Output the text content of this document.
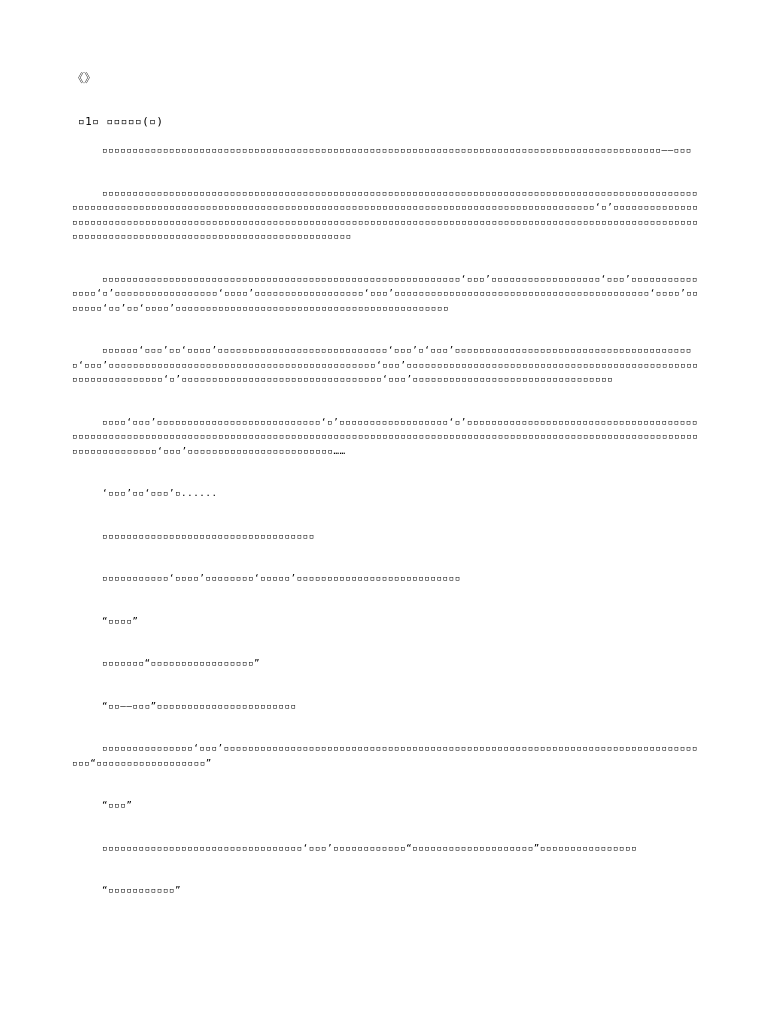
《》
▫1▫ ▫▫▫▫▫(▫)

▫▫▫▫▫▫▫▫▫▫▫▫▫▫▫▫▫▫▫▫▫▫▫▫▫▫▫▫▫▫▫▫▫▫▫▫▫▫▫▫▫▫▫▫▫▫▫▫▫▫▫▫▫▫▫▫▫▫▫▫▫▫▫▫▫▫▫▫▫▫▫▫▫▫▫▫▫▫▫▫▫▫▫▫▫▫▫▫▫▫▫▫——▫▫▫

▫▫▫▫▫▫▫▫▫▫▫▫▫▫▫▫▫▫▫▫▫▫▫▫▫▫▫▫▫▫▫▫▫▫▫▫▫▫▫▫▫▫▫▫▫▫▫▫▫▫▫▫▫▫▫▫▫▫▫▫▫▫▫▫▫▫▫▫▫▫▫▫▫▫▫▫▫▫▫▫▫▫▫▫▫▫▫▫▫▫▫▫▫▫▫▫▫▫▫▫▫▫▫▫▫▫▫▫▫▫▫▫▫▫▫▫▫▫▫▫▫▫▫▫▫▫▫▫▫▫▫▫▫▫▫▫▫▫▫▫▫▫▫▫▫▫▫▫▫▫▫▫▫▫▫▫▫▫▫▫▫▫▫▫▫▫▫▫▫▫▫▫▫▫▫▫▫▫▫▫▫▫▫▫‘▫’▫▫▫▫▫▫▫▫▫▫▫▫▫▫▫▫▫▫▫▫▫▫▫▫▫▫▫▫▫▫▫▫▫▫▫▫▫▫▫▫▫▫▫▫▫▫▫▫▫▫▫▫▫▫▫▫▫▫▫▫▫▫▫▫▫▫▫▫▫▫▫▫▫▫▫▫▫▫▫▫▫▫▫▫▫▫▫▫▫▫▫▫▫▫▫▫▫▫▫▫▫▫▫▫▫▫▫▫▫▫▫▫▫▫▫▫▫▫▫▫▫▫▫▫▫▫▫▫▫▫▫▫▫▫▫▫▫▫▫▫▫▫▫▫▫▫▫▫▫▫▫▫▫▫▫▫▫▫▫▫▫▫▫

▫▫▫▫▫▫▫▫▫▫▫▫▫▫▫▫▫▫▫▫▫▫▫▫▫▫▫▫▫▫▫▫▫▫▫▫▫▫▫▫▫▫▫▫▫▫▫▫▫▫▫▫▫▫▫▫▫▫▫‘▫▫▫’▫▫▫▫▫▫▫▫▫▫▫▫▫▫▫▫▫▫‘▫▫▫’▫▫▫▫▫▫▫▫▫▫▫▫▫▫▫‘▫’▫▫▫▫▫▫▫▫▫▫▫▫▫▫▫▫▫‘▫▫▫▫’▫▫▫▫▫▫▫▫▫▫▫▫▫▫▫▫▫▫‘▫▫▫’▫▫▫▫▫▫▫▫▫▫▫▫▫▫▫▫▫▫▫▫▫▫▫▫▫▫▫▫▫▫▫▫▫▫▫▫▫▫▫▫▫▫‘▫▫▫▫’▫▫▫▫▫▫▫‘▫▫’▫▫‘▫▫▫▫’▫▫▫▫▫▫▫▫▫▫▫▫▫▫▫▫▫▫▫▫▫▫▫▫▫▫▫▫▫▫▫▫▫▫▫▫▫▫▫▫▫▫▫▫▫

▫▫▫▫▫▫‘▫▫▫’▫▫‘▫▫▫▫’▫▫▫▫▫▫▫▫▫▫▫▫▫▫▫▫▫▫▫▫▫▫▫▫▫▫▫▫‘▫▫▫’▫‘▫▫▫’▫▫▫▫▫▫▫▫▫▫▫▫▫▫▫▫▫▫▫▫▫▫▫▫▫▫▫▫▫▫▫▫▫▫▫▫▫▫▫▫‘▫▫▫’▫▫▫▫▫▫▫▫▫▫▫▫▫▫▫▫▫▫▫▫▫▫▫▫▫▫▫▫▫▫▫▫▫▫▫▫▫▫▫▫▫▫▫▫‘▫▫▫’▫▫▫▫▫▫▫▫▫▫▫▫▫▫▫▫▫▫▫▫▫▫▫▫▫▫▫▫▫▫▫▫▫▫▫▫▫▫▫▫▫▫▫▫▫▫▫▫▫▫▫▫▫▫▫▫▫▫▫▫▫▫▫‘▫’▫▫▫▫▫▫▫▫▫▫▫▫▫▫▫▫▫▫▫▫▫▫▫▫▫▫▫▫▫▫▫▫▫‘▫▫▫’▫▫▫▫▫▫▫▫▫▫▫▫▫▫▫▫▫▫▫▫▫▫▫▫▫▫▫▫▫▫▫▫▫

▫▫▫▫‘▫▫▫’▫▫▫▫▫▫▫▫▫▫▫▫▫▫▫▫▫▫▫▫▫▫▫▫▫▫▫‘▫’▫▫▫▫▫▫▫▫▫▫▫▫▫▫▫▫▫▫‘▫’▫▫▫▫▫▫▫▫▫▫▫▫▫▫▫▫▫▫▫▫▫▫▫▫▫▫▫▫▫▫▫▫▫▫▫▫▫▫▫▫▫▫▫▫▫▫▫▫▫▫▫▫▫▫▫▫▫▫▫▫▫▫▫▫▫▫▫▫▫▫▫▫▫▫▫▫▫▫▫▫▫▫▫▫▫▫▫▫▫▫▫▫▫▫▫▫▫▫▫▫▫▫▫▫▫▫▫▫▫▫▫▫▫▫▫▫▫▫▫▫▫▫▫▫▫▫▫▫▫▫▫▫▫▫▫▫▫▫▫▫▫▫▫▫▫▫▫▫▫▫▫▫▫▫▫‘▫▫▫’▫▫▫▫▫▫▫▫▫▫▫▫▫▫▫▫▫▫▫▫▫▫▫▫……

‘▫▫▫’▫▫‘▫▫▫’▫......

▫▫▫▫▫▫▫▫▫▫▫▫▫▫▫▫▫▫▫▫▫▫▫▫▫▫▫▫▫▫▫▫▫▫▫

▫▫▫▫▫▫▫▫▫▫▫‘▫▫▫▫’▫▫▫▫▫▫▫▫‘▫▫▫▫▫’▫▫▫▫▫▫▫▫▫▫▫▫▫▫▫▫▫▫▫▫▫▫▫▫▫▫▫

“▫▫▫▫”

▫▫▫▫▫▫▫“▫▫▫▫▫▫▫▫▫▫▫▫▫▫▫▫▫”

“▫▫——▫▫▫”▫▫▫▫▫▫▫▫▫▫▫▫▫▫▫▫▫▫▫▫▫▫▫

▫▫▫▫▫▫▫▫▫▫▫▫▫▫▫‘▫▫▫’▫▫▫▫▫▫▫▫▫▫▫▫▫▫▫▫▫▫▫▫▫▫▫▫▫▫▫▫▫▫▫▫▫▫▫▫▫▫▫▫▫▫▫▫▫▫▫▫▫▫▫▫▫▫▫▫▫▫▫▫▫▫▫▫▫▫▫▫▫▫▫▫▫▫▫▫▫▫▫▫▫“▫▫▫▫▫▫▫▫▫▫▫▫▫▫▫▫▫▫”

“▫▫▫”

▫▫▫▫▫▫▫▫▫▫▫▫▫▫▫▫▫▫▫▫▫▫▫▫▫▫▫▫▫▫▫▫▫‘▫▫▫’▫▫▫▫▫▫▫▫▫▫▫▫“▫▫▫▫▫▫▫▫▫▫▫▫▫▫▫▫▫▫▫▫”▫▫▫▫▫▫▫▫▫▫▫▫▫▫▫▫

“▫▫▫▫▫▫▫▫▫▫▫”
